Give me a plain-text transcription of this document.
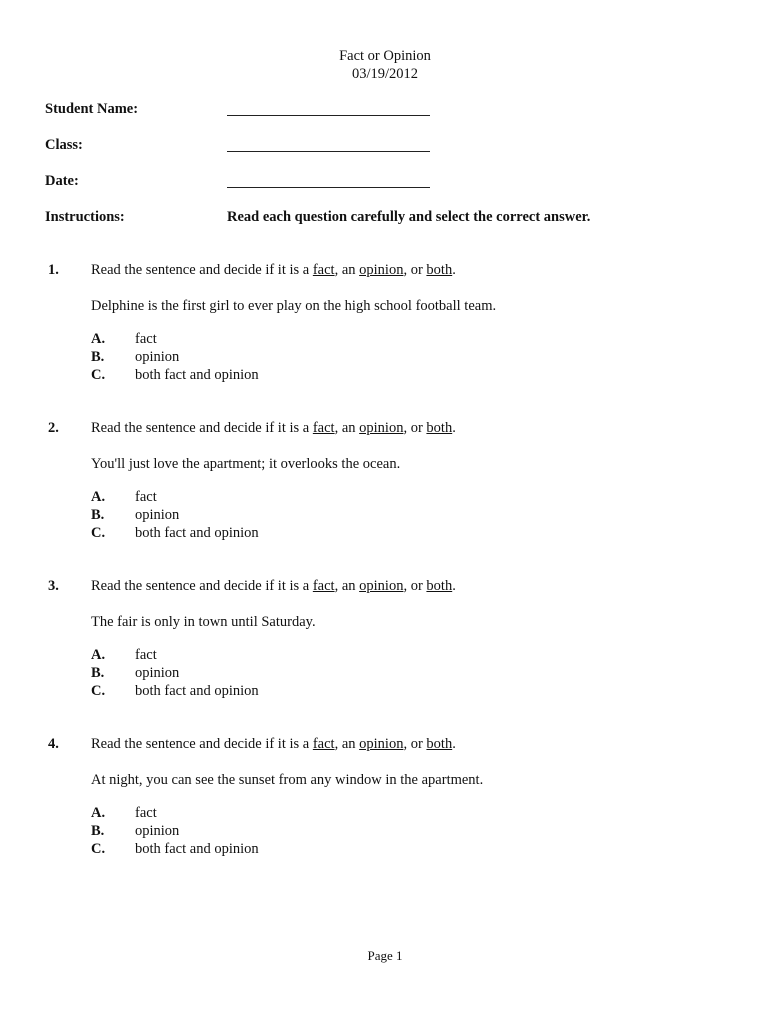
Fact or Opinion
03/19/2012
Student Name:
Class:
Date:
Instructions:	Read each question carefully and select the correct answer.
1. Read the sentence and decide if it is a fact, an opinion, or both.
Delphine is the first girl to ever play on the high school football team.
A. fact
B. opinion
C. both fact and opinion
2. Read the sentence and decide if it is a fact, an opinion, or both.
You'll just love the apartment; it overlooks the ocean.
A. fact
B. opinion
C. both fact and opinion
3. Read the sentence and decide if it is a fact, an opinion, or both.
The fair is only in town until Saturday.
A. fact
B. opinion
C. both fact and opinion
4. Read the sentence and decide if it is a fact, an opinion, or both.
At night, you can see the sunset from any window in the apartment.
A. fact
B. opinion
C. both fact and opinion
Page 1
